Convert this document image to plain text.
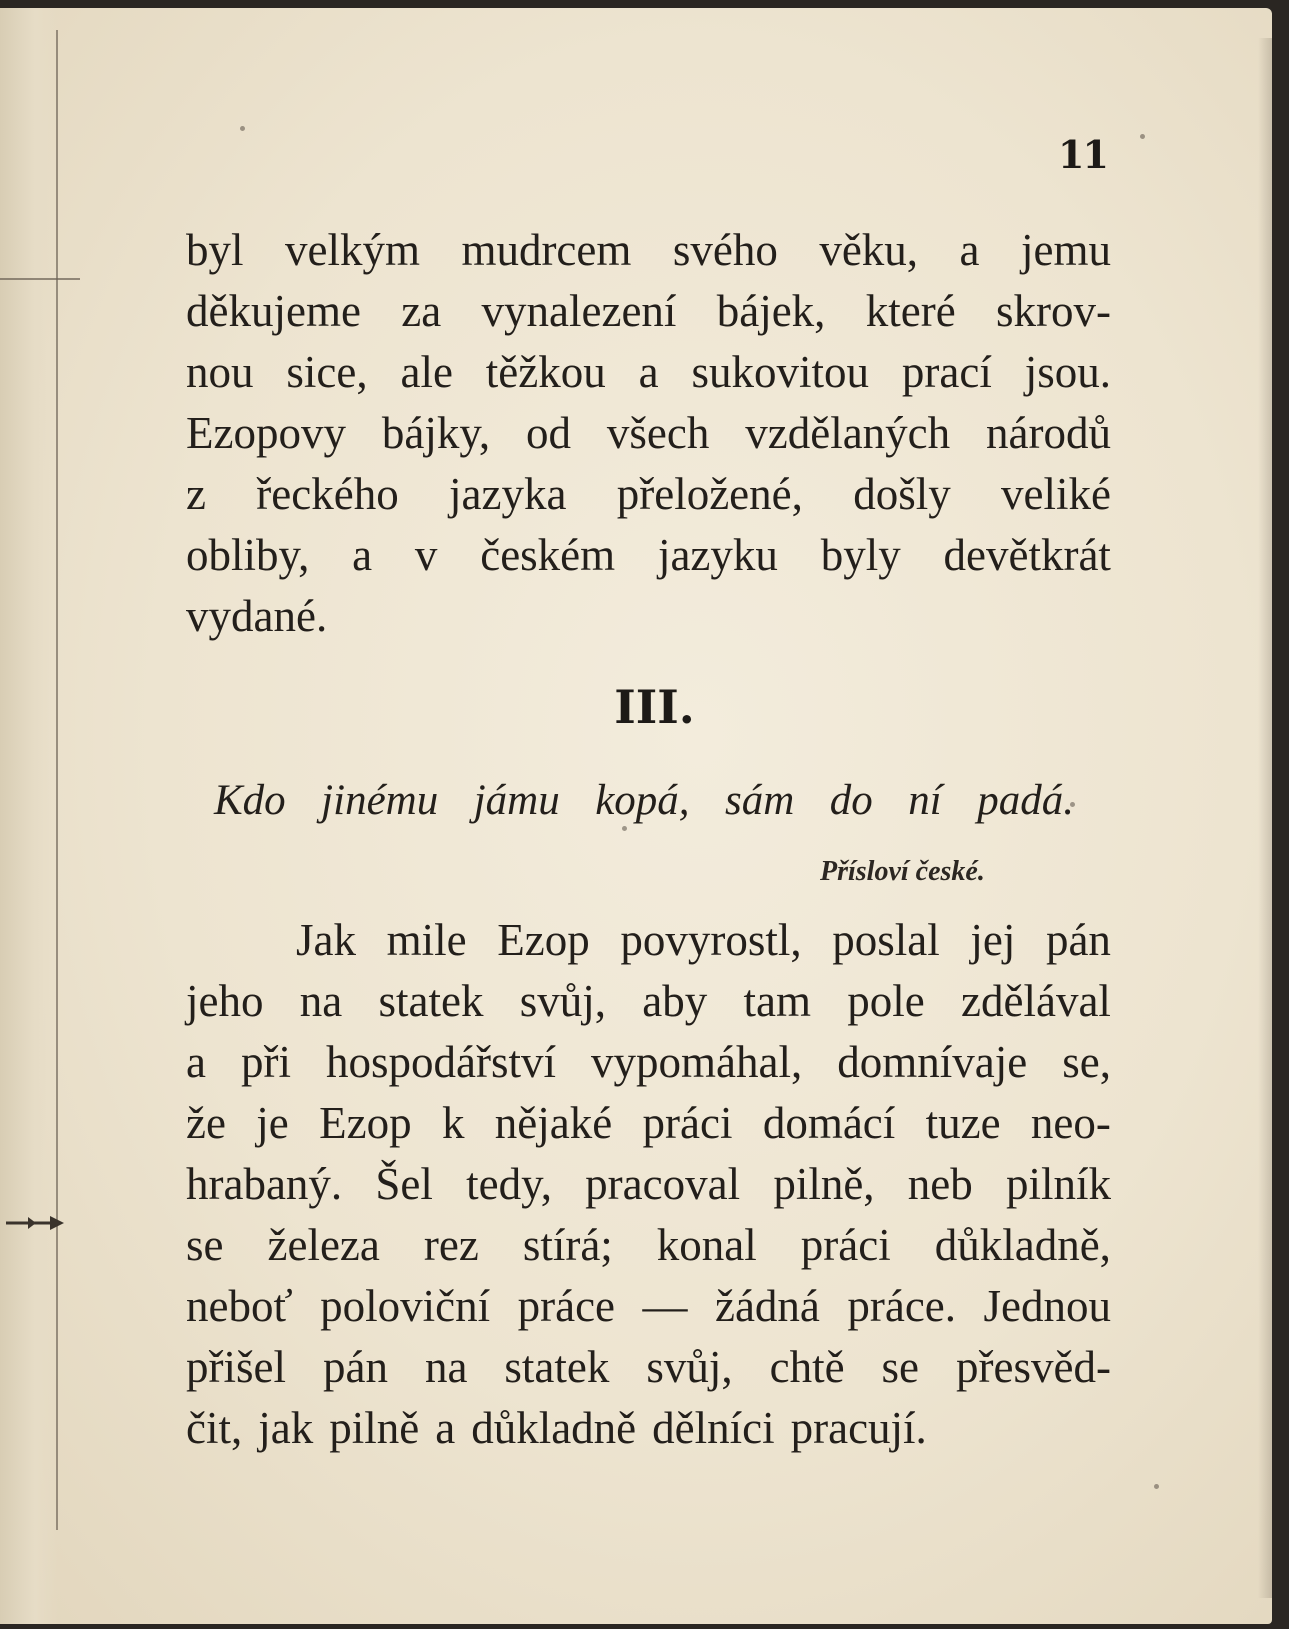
11
byl velkým mudrcem svého věku, a jemu
děkujeme za vynalezení bájek, které skrov-
nou sice, ale těžkou a sukovitou prací jsou.
Ezopovy bájky, od všech vzdělaných národů
z řeckého jazyka přeložené, došly veliké
obliby, a v českém jazyku byly devětkrát
vydané.
III.
Kdo jinému jámu kopá, sám do ní padá.
Přísloví české.
Jak mile Ezop povyrostl, poslal jej pán
jeho na statek svůj, aby tam pole zdělával
a při hospodářství vypomáhal, domnívaje se,
že je Ezop k nějaké práci domácí tuze neo-
hrabaný. Šel tedy, pracoval pilně, neb pilník
se železa rez stírá; konal práci důkladně,
neboť poloviční práce — žádná práce. Jednou
přišel pán na statek svůj, chtě se přesvěd-
čit, jak pilně a důkladně dělníci pracují.
